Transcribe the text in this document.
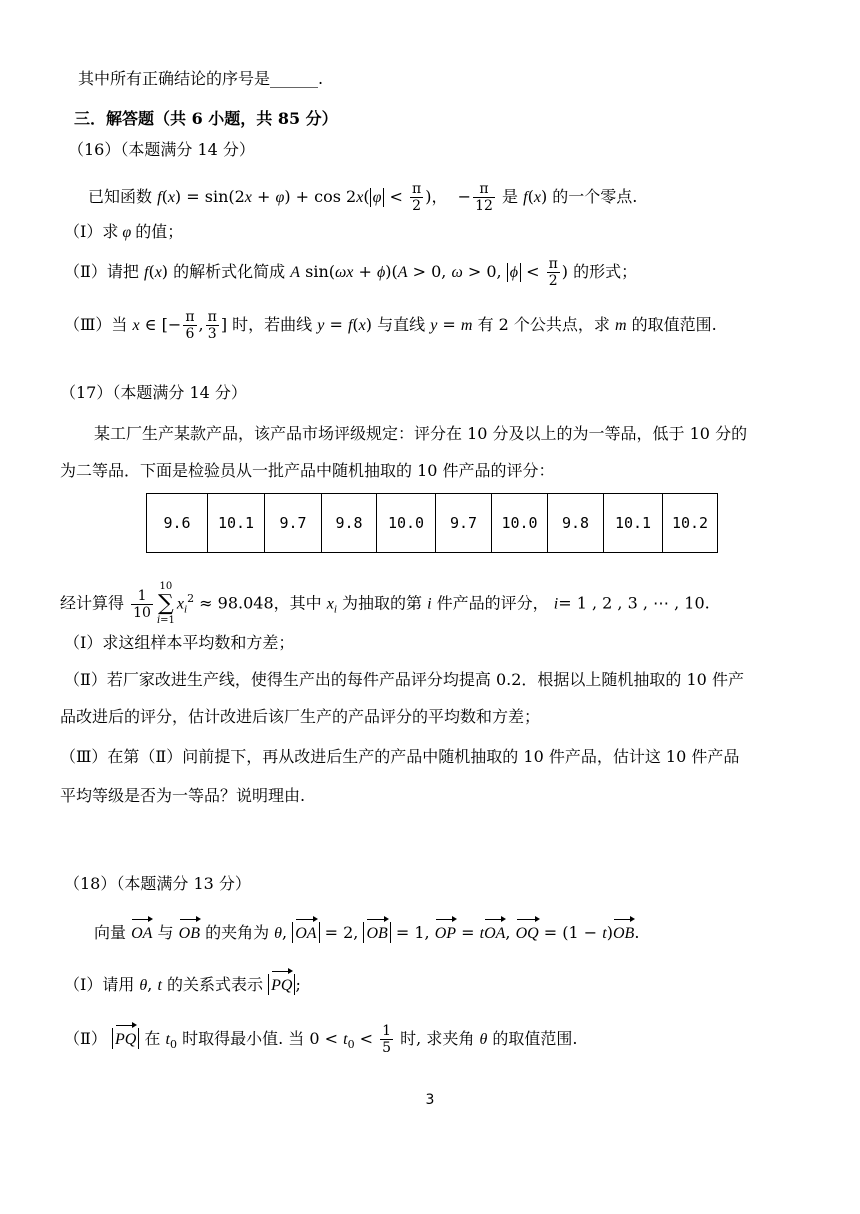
其中所有正确结论的序号是______.
三．解答题（共 6 小题，共 85 分）
（16）（本题满分 14 分）
已知函数 f(x) = sin(2x + φ) + cos 2x( $\varphi < \frac{\pi}{2}$ )，  − $\frac{\pi}{12}$ 是 f(x) 的一个零点.
（Ⅰ）求 φ 的值；
（Ⅱ）请把 f(x) 的解析式化简成 A sin(ωx + ϕ)(A > 0, ω > 0, $\phi < \frac{\pi}{2}$ ) 的形式；
（Ⅲ）当 x ∈ [− $\frac{\pi}{6}$ , $\frac{\pi}{3}$ ] 时，若曲线 y = f(x) 与直线 y = m 有 2 个公共点，求 m 的取值范围.
（17）（本题满分 14 分）
某工厂生产某款产品，该产品市场评级规定：评分在 10 分及以上的为一等品，低于 10 分的
为二等品．下面是检验员从一批产品中随机抽取的 10 件产品的评分：
9.6	10.1	9.7	9.8	10.0	9.7	10.0	9.8	10.1	10.2
经计算得 $\frac{1}{10}$
10
∑
$i=1x_i^2 \approx 98.048$，其中 $x_i$ 为抽取的第 i 件产品的评分， i= 1 , 2 , 3 , ⋯ , 10.
（Ⅰ）求这组样本平均数和方差；
（Ⅱ）若厂家改进生产线，使得生产出的每件产品评分均提高 0.2．根据以上随机抽取的 10 件产
品改进后的评分，估计改进后该厂生产的产品评分的平均数和方差；
（Ⅲ）在第（Ⅱ）问前提下，再从改进后生产的产品中随机抽取的 10 件产品，估计这 10 件产品
平均等级是否为一等品？说明理由.
（18）（本题满分 13 分）
向量 OA 与 OB 的夹角为 θ, OA = 2, OB = 1, OP = tOA, OQ = (1 − t)OB.
（Ⅰ）请用 θ, t 的关系式表示 PQ ;
（Ⅱ） PQ 在 $t_0$ 时取得最小值. 当 $0 < t_0 < \frac{1}{5}$ 时, 求夹角 θ 的取值范围.
3
